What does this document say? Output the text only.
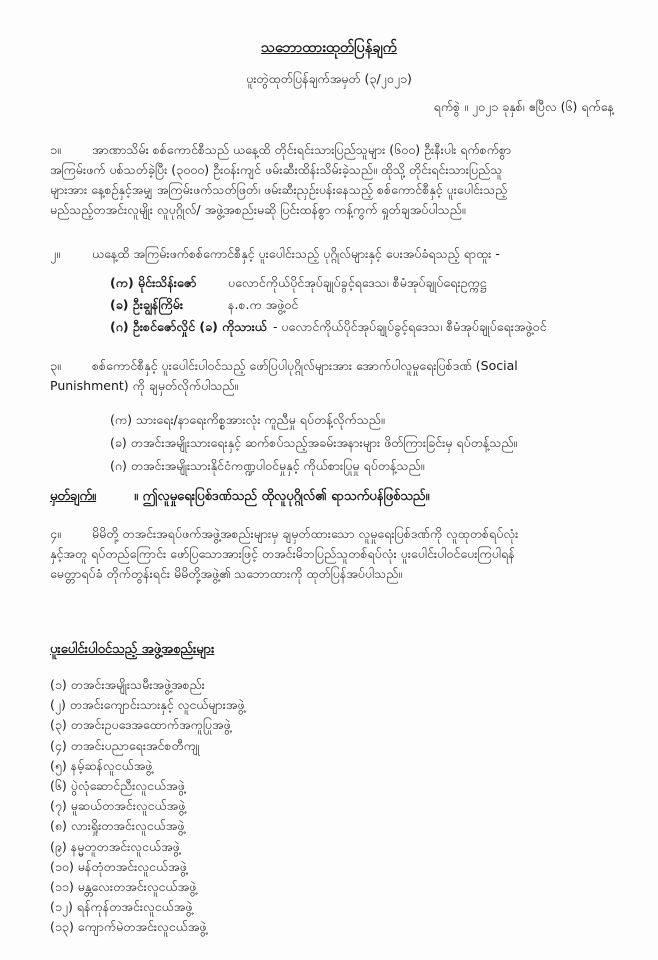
သဘောထားထုတ်ပြန်ချက်
ပူးတွဲထုတ်ပြန်ချက်အမှတ် (၃/၂၀၂၁)
ရက်စွဲ ။ ၂၀၂၁ ခုနှစ်၊ ဧပြီလ (၆) ရက်နေ့
၁။ အာဏာသိမ်း စစ်ကောင်စီသည် ယနေ့ထိ တိုင်းရင်းသားပြည်သူများ (၆၀၀) ဦးနီးပါး ရက်စက်စွာ
အကြမ်းဖက် ပစ်သတ်ခဲ့ပြီး (၃၀၀၀) ဦးဝန်းကျင် ဖမ်းဆီးထိန်းသိမ်းခဲ့သည်။ ထိုသို့ တိုင်းရင်းသားပြည်သူ
များအား နေ့စဉ်နှင့်အမျှ အကြမ်းဖက်သတ်ဖြတ်၊ ဖမ်းဆီးညှဉ်းပန်းနေသည့် စစ်ကောင်စီနှင့် ပူးပေါင်းသည့်
မည်သည့်တအင်းလူမျိုး လူပုဂ္ဂိုလ်/ အဖွဲ့အစည်းမဆို ပြင်းထန်စွာ ကန့်ကွက် ရှုတ်ချအပ်ပါသည်။
၂။	ယနေ့ထိ အကြမ်းဖက်စစ်ကောင်စီနှင့် ပူးပေါင်းသည့် ပုဂ္ဂိုလ်များနှင့် ပေးအပ်ခံရသည့် ရာထူး -
(က) မိုင်းသိန်းဇော်	ပလောင်ကိုယ်ပိုင်အုပ်ချုပ်ခွင့်ရဒေသ၊ စီမံအုပ်ချုပ်ရေးဥက္ကဋ္ဌ
(ခ) ဦးချွန်ကြိမ်း	န.စ.က အဖွဲ့ဝင်
(ဂ) ဦးစင်ဇော်လှိုင် (ခ) ကိုသားယ် - ပလောင်ကိုယ်ပိုင်အုပ်ချုပ်ခွင့်ရဒေသ၊ စီမံအုပ်ချုပ်ရေးအဖွဲ့ဝင်
၃။ စစ်ကောင်စီနှင့် ပူးပေါင်းပါဝင်သည့် ဖော်ပြပါပုဂ္ဂိုလ်များအား အောက်ပါလူမှုရေးပြစ်ဒဏ် (Social
Punishment) ကို ချမှတ်လိုက်ပါသည်။
(က) သားရေး/နာရေးကိစ္စအားလုံး ကူညီမှု ရပ်တန့်လိုက်သည်။
(ခ) တအင်းအမျိုးသားရေးနှင့် ဆက်စပ်သည့်အခမ်းအနားများ ဖိတ်ကြားခြင်းမှ ရပ်တန့်သည်။
(ဂ) တအင်းအမျိုးသားနိုင်ငံကဏ္ဍပါဝင်မှုနှင့် ကိုယ်စားပြုမှု ရပ်တန့်သည်။
မှတ်ချက်။	။ ဤလူမှုရေးပြစ်ဒဏ်သည် ထိုလူပုဂ္ဂိုလ်၏ ရာသက်ပန်ဖြစ်သည်။
၄။ မိမိတို့ တအင်းအရပ်ဖက်အဖွဲ့အစည်းများမှ ချမှတ်ထားသော လူမှုရေးပြစ်ဒဏ်ကို လူထုတစ်ရပ်လုံး
နှင့်အတူ ရပ်တည်ကြောင်း ဖော်ပြသောအားဖြင့် တအင်းမိဘပြည်သူတစ်ရပ်လုံး ပူးပေါင်းပါဝင်ပေးကြပါရန်
မေတ္တာရပ်ခံ တိုက်တွန်းရင်း မိမိတို့အဖွဲ့၏ သဘောထားကို ထုတ်ပြန်အပ်ပါသည်။
ပူးပေါင်းပါဝင်သည့် အဖွဲ့အစည်းများ
(၁) တအင်းအမျိုးသမီးအဖွဲ့အစည်း
(၂) တအင်းကျောင်းသားနှင့် လူငယ်များအဖွဲ့
(၃) တအင်းဥပဒေအထောက်အကူပြုအဖွဲ့
(၄) တအင်းပညာရေးအင်စတီကျု
(၅) နမ့်ဆန်လူငယ်အဖွဲ့
(၆) ပွဲလုံဆောင်ညီးလူငယ်အဖွဲ့
(၇) မူဆယ်တအင်းလူငယ်အဖွဲ့
(၈) လားရှိုးတအင်းလူငယ်အဖွဲ့
(၉) နမ္မတူတအင်းလူငယ်အဖွဲ့
(၁၀) မန်တုံတအင်းလူငယ်အဖွဲ့
(၁၁) မန္တလေးတအင်းလူငယ်အဖွဲ့
(၁၂) ရန်ကုန်တအင်းလူငယ်အဖွဲ့
(၁၃) ကျောက်မဲတအင်းလူငယ်အဖွဲ့
